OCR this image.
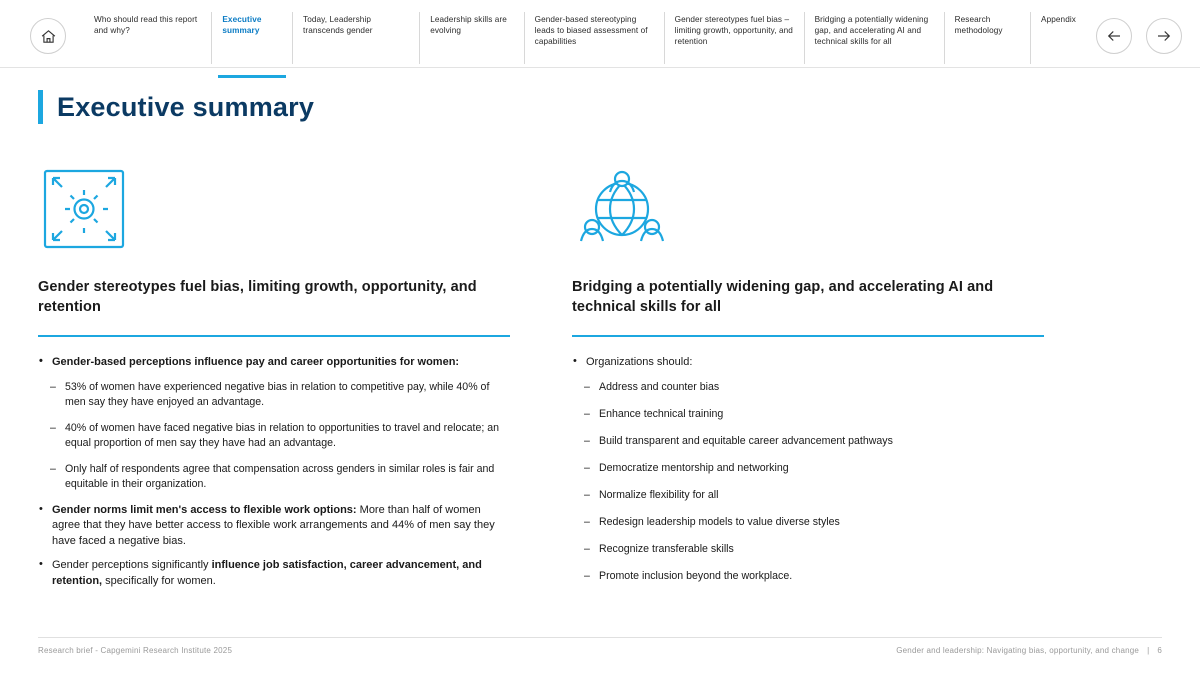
Who should read this report and why?
Executive summary
Today, Leadership transcends gender
Leadership skills are evolving
Gender-based stereotyping leads to biased assessment of capabilities
Gender stereotypes fuel bias – limiting growth, opportunity, and retention
Bridging a potentially widening gap, and accelerating AI and technical skills for all
Research methodology
Appendix
Executive summary
Gender stereotypes fuel bias, limiting growth, opportunity, and retention
• Gender-based perceptions influence pay and career opportunities for women:
– 53% of women have experienced negative bias in relation to competitive pay, while 40% of men say they have enjoyed an advantage.
– 40% of women have faced negative bias in relation to opportunities to travel and relocate; an equal proportion of men say they have had an advantage.
– Only half of respondents agree that compensation across genders in similar roles is fair and equitable in their organization.
• Gender norms limit men's access to flexible work options: More than half of women agree that they have better access to flexible work arrangements and 44% of men say they have faced a negative bias.
• Gender perceptions significantly influence job satisfaction, career advancement, and retention, specifically for women.
Bridging a potentially widening gap, and accelerating AI and technical skills for all
• Organizations should:
– Address and counter bias
– Enhance technical training
– Build transparent and equitable career advancement pathways
– Democratize mentorship and networking
– Normalize flexibility for all
– Redesign leadership models to value diverse styles
– Recognize transferable skills
– Promote inclusion beyond the workplace.
Research brief - Capgemini Research Institute 2025	Gender and leadership: Navigating bias, opportunity, and change | 6
